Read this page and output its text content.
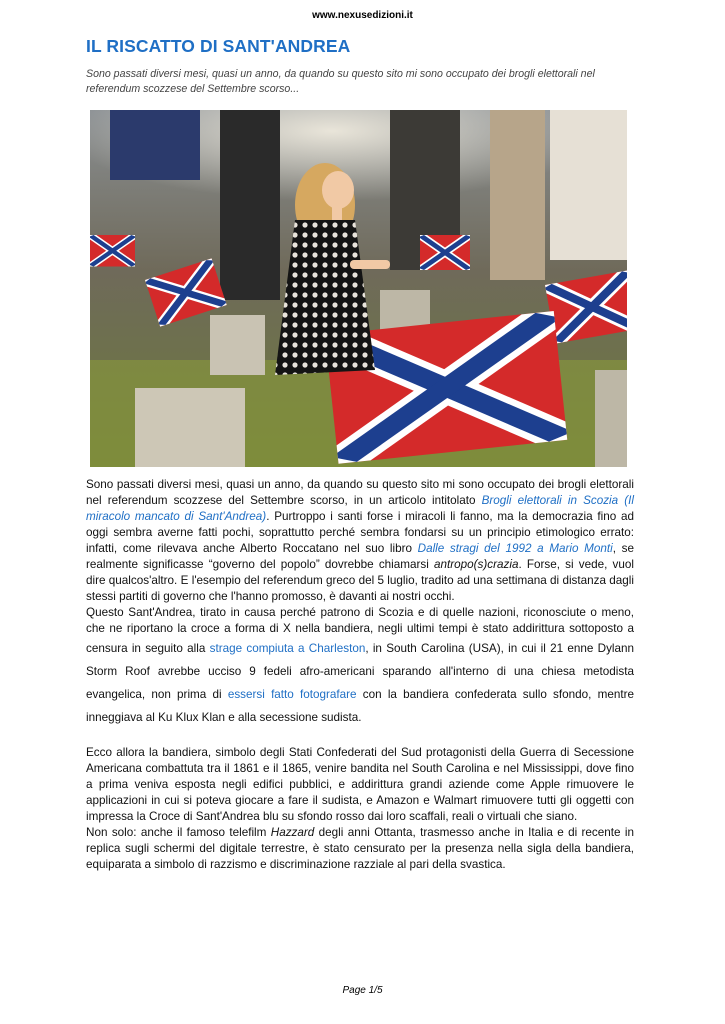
www.nexusedizioni.it
IL RISCATTO DI SANT'ANDREA

Sono passati diversi mesi, quasi un anno, da quando su questo sito mi sono occupato dei brogli elettorali nel referendum scozzese del Settembre scorso...

Sono passati diversi mesi, quasi un anno, da quando su questo sito mi sono occupato dei brogli elettorali nel referendum scozzese del Settembre scorso, in un articolo intitolato Brogli elettorali in Scozia (Il miracolo mancato di Sant'Andrea). Purtroppo i santi forse i miracoli li fanno, ma la democrazia fino ad oggi sembra averne fatti pochi, soprattutto perché sembra fondarsi su un principio etimologico errato: infatti, come rilevava anche Alberto Roccatano nel suo libro Dalle stragi del 1992 a Mario Monti, se realmente significasse “governo del popolo” dovrebbe chiamarsi antropo(s)crazia. Forse, si vede, vuol dire qualcos'altro. E l'esempio del referendum greco del 5 luglio, tradito ad una settimana di distanza dagli stessi partiti di governo che l'hanno promosso, è davanti ai nostri occhi.

Questo Sant'Andrea, tirato in causa perché patrono di Scozia e di quelle nazioni, riconosciute o meno, che ne riportano la croce a forma di X nella bandiera, negli ultimi tempi è stato addirittura sottoposto a censura in seguito alla strage compiuta a Charleston, in South Carolina (USA), in cui il 21 enne Dylann Storm Roof avrebbe ucciso 9 fedeli afro-americani sparando all'interno di una chiesa metodista evangelica, non prima di essersi fatto fotografare con la bandiera confederata sullo sfondo, mentre inneggiava al Ku Klux Klan e alla secessione sudista.

Ecco allora la bandiera, simbolo degli Stati Confederati del Sud protagonisti della Guerra di Secessione Americana combattuta tra il 1861 e il 1865, venire bandita nel South Carolina e nel Mississippi, dove fino a prima veniva esposta negli edifici pubblici, e addirittura grandi aziende come Apple rimuovere le applicazioni in cui si poteva giocare a fare il sudista, e Amazon e Walmart rimuovere tutti gli oggetti con impressa la Croce di Sant'Andrea blu su sfondo rosso dai loro scaffali, reali o virtuali che siano.

Non solo: anche il famoso telefilm Hazzard degli anni Ottanta, trasmesso anche in Italia e di recente in replica sugli schermi del digitale terrestre, è stato censurato per la presenza nella sigla della bandiera, equiparata a simbolo di razzismo e discriminazione razziale al pari della svastica.

Page 1/5
